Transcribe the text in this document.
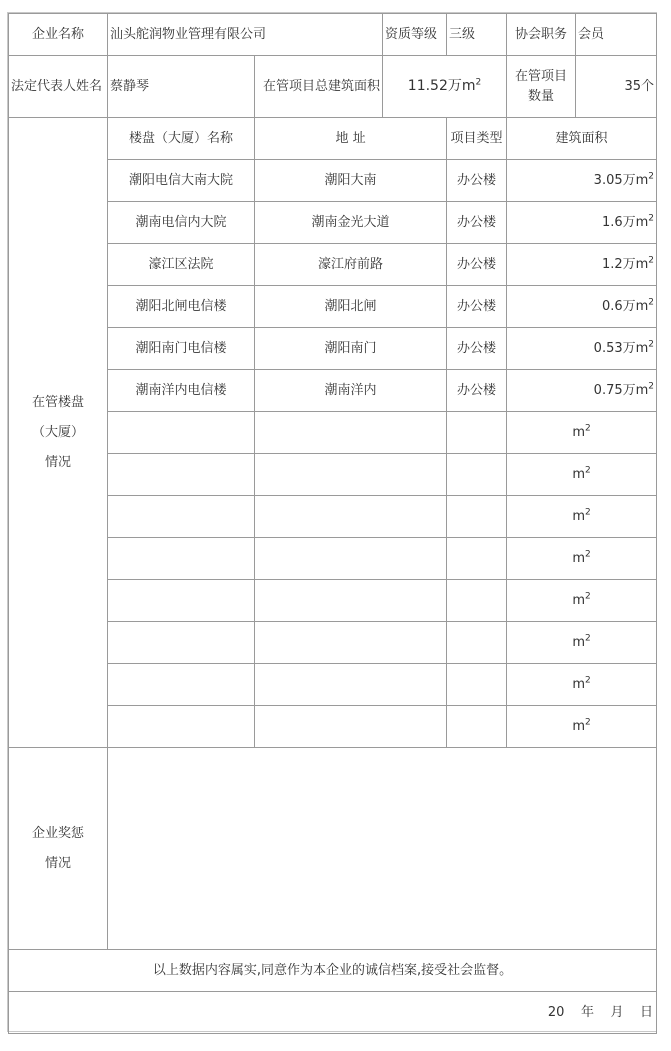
企业名称	汕头舵润物业管理有限公司		资质等级	三级	协会职务	会员
法定代表人姓名	蔡静琴	在管项目总建筑面积	11.52万$m^2$		在管项目
数量	35个

在管楼盘
（大厦）
情况	楼盘（大厦）名称	地 址		项目类型	建筑面积	
	潮阳电信大南大院	潮阳大南		办公楼	3.05万$m^2$
	潮南电信内大院	潮南金光大道		办公楼	1.6万$m^2$
	濠江区法院	濠江府前路		办公楼	1.2万$m^2$
	潮阳北闸电信楼	潮阳北闸		办公楼	0.6万$m^2$
	潮阳南门电信楼	潮阳南门		办公楼	0.53万$m^2$
	潮南洋内电信楼	潮南洋内		办公楼	0.75万$m^2$
					$m^2$
					$m^2$
					$m^2$
					$m^2$
					$m^2$
					$m^2$
					$m^2$
					$m^2$

企业奖惩
情况						

以上数据内容属实,同意作为本企业的诚信档案,接受社会监督。						
20    年    月    日						
